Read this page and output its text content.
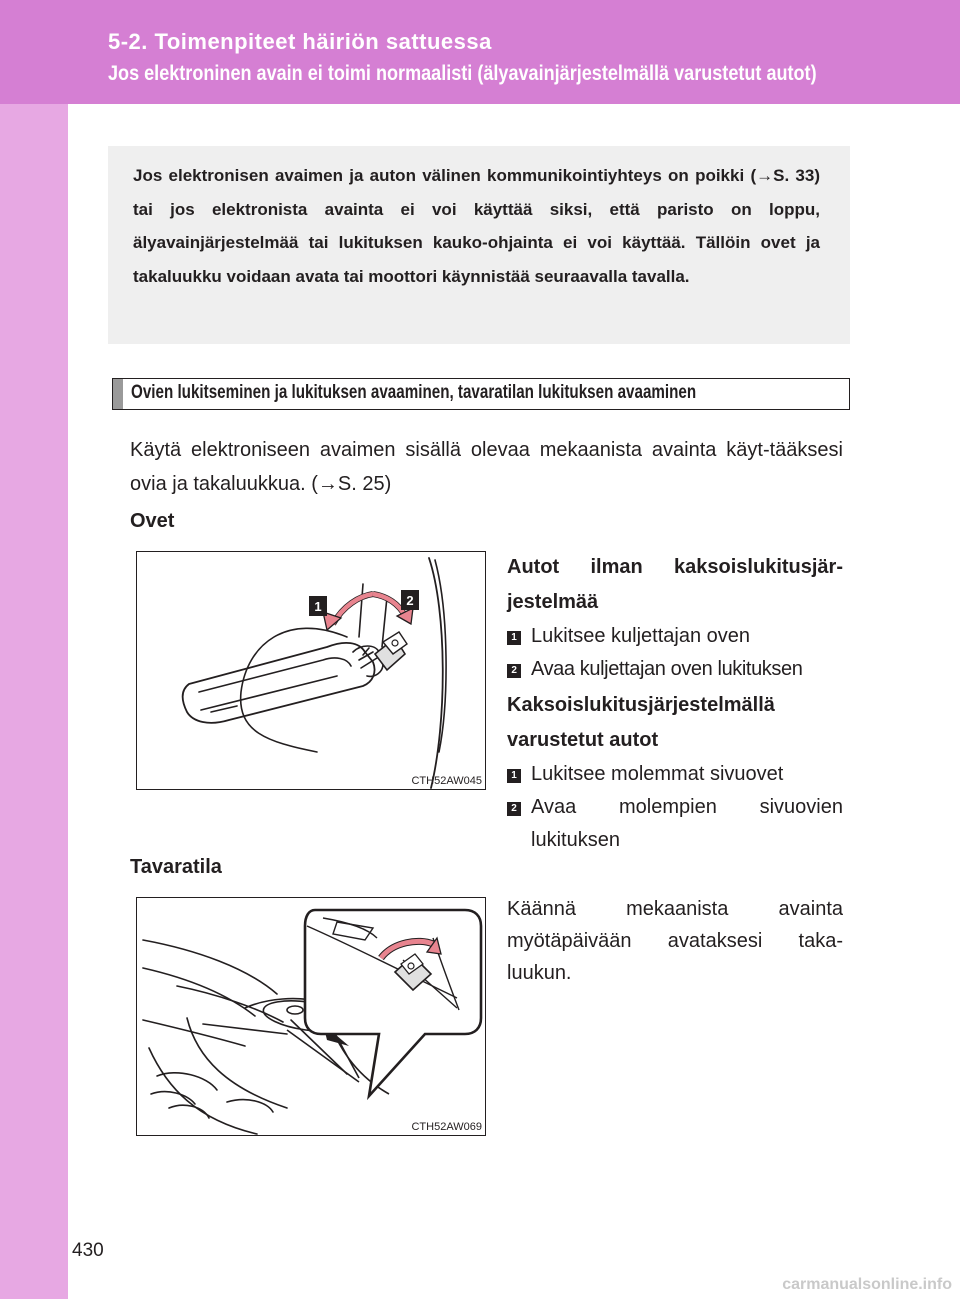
5-2. Toimenpiteet häiriön sattuessa
Jos elektroninen avain ei toimi normaalisti (älyavainjärjestelmällä varustetut autot)
Jos elektronisen avaimen ja auton välinen kommunikointiyhteys on poikki (→S. 33) tai jos elektronista avainta ei voi käyttää siksi, että paristo on loppu, älyavainjärjestelmää tai lukituksen kauko-ohjainta ei voi käyttää. Tällöin ovet ja takaluukku voidaan avata tai moottori käynnistää seuraavalla tavalla.
Ovien lukitseminen ja lukituksen avaaminen, tavaratilan lukituksen avaaminen
Käytä elektroniseen avaimen sisällä olevaa mekaanista avainta käyt-tääksesi ovia ja takaluukkua. (→S. 25)
Ovet
1	2
CTH52AW045
Autot ilman kaksoislukitusjär-jestelmää
1 Lukitsee kuljettajan oven
2 Avaa kuljettajan oven lukituksen
Kaksoislukitusjärjestelmällä varustetut autot
1 Lukitsee molemmat sivuovet
2 Avaa molempien sivuovien lukituksen
Tavaratila
CTH52AW069
Käännä mekaanista avainta myötäpäivään avataksesi taka-luukun.
430
carmanualsonline.info
